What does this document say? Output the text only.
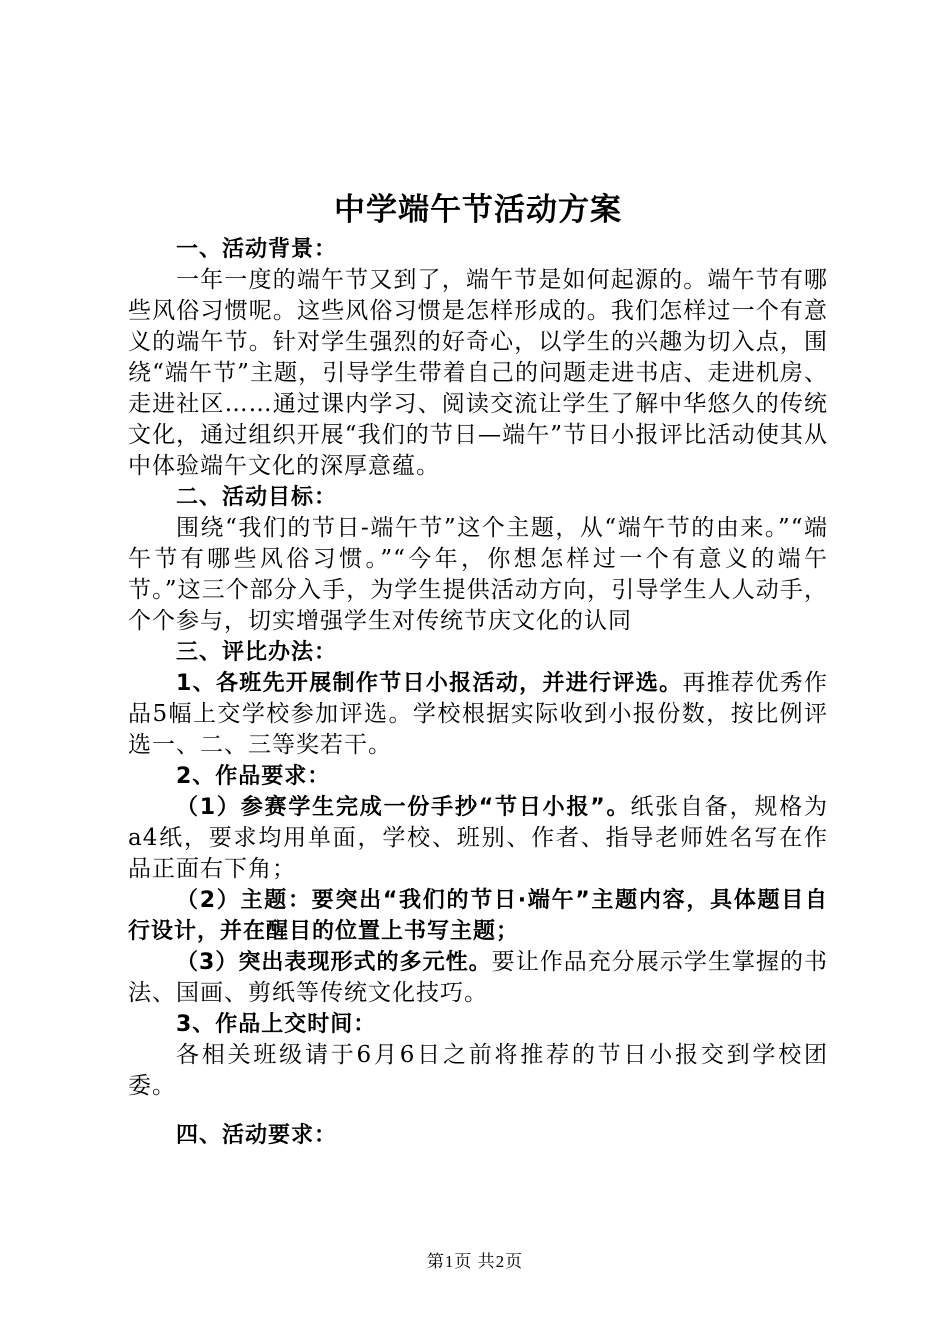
中学端午节活动方案

一、活动背景：

一年一度的端午节又到了，端午节是如何起源的。端午节有哪些风俗习惯呢。这些风俗习惯是怎样形成的。我们怎样过一个有意义的端午节。针对学生强烈的好奇心，以学生的兴趣为切入点，围绕“端午节”主题，引导学生带着自己的问题走进书店、走进机房、走进社区……通过课内学习、阅读交流让学生了解中华悠久的传统文化，通过组织开展“我们的节日—端午”节日小报评比活动使其从中体验端午文化的深厚意蕴。

二、活动目标：

围绕“我们的节日-端午节”这个主题，从“端午节的由来。”“端午节有哪些风俗习惯。”“今年，你想怎样过一个有意义的端午节。”这三个部分入手，为学生提供活动方向，引导学生人人动手，个个参与，切实增强学生对传统节庆文化的认同

三、评比办法：

1、各班先开展制作节日小报活动，并进行评选。再推荐优秀作品5幅上交学校参加评选。学校根据实际收到小报份数，按比例评选一、二、三等奖若干。

2、作品要求：

（1）参赛学生完成一份手抄“节日小报”。纸张自备，规格为a4纸，要求均用单面，学校、班别、作者、指导老师姓名写在作品正面右下角；

（2）主题：要突出“我们的节日·端午”主题内容，具体题目自行设计，并在醒目的位置上书写主题；

（3）突出表现形式的多元性。要让作品充分展示学生掌握的书法、国画、剪纸等传统文化技巧。

3、作品上交时间：

各相关班级请于6月6日之前将推荐的节日小报交到学校团委。

四、活动要求：

第1页 共2页
